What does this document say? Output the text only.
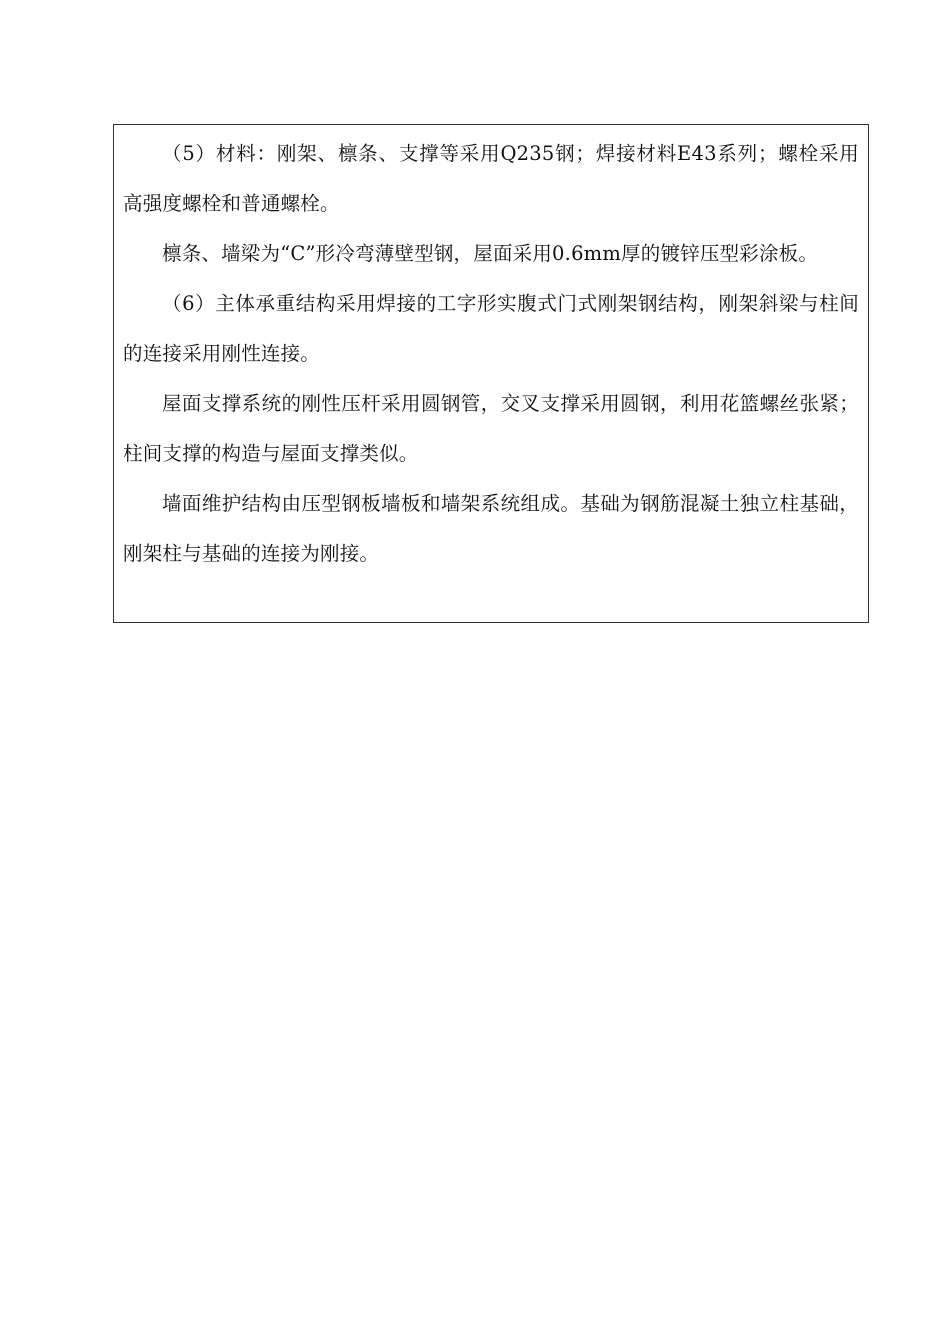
（5）材料：刚架、檩条、支撑等采用Q235钢；焊接材料E43系列；螺栓采用高强度螺栓和普通螺栓。

檩条、墙梁为“C”形冷弯薄壁型钢，屋面采用0.6mm厚的镀锌压型彩涂板。

（6）主体承重结构采用焊接的工字形实腹式门式刚架钢结构，刚架斜梁与柱间的连接采用刚性连接。

屋面支撑系统的刚性压杆采用圆钢管，交叉支撑采用圆钢，利用花篮螺丝张紧；柱间支撑的构造与屋面支撑类似。

墙面维护结构由压型钢板墙板和墙架系统组成。基础为钢筋混凝土独立柱基础，刚架柱与基础的连接为刚接。
